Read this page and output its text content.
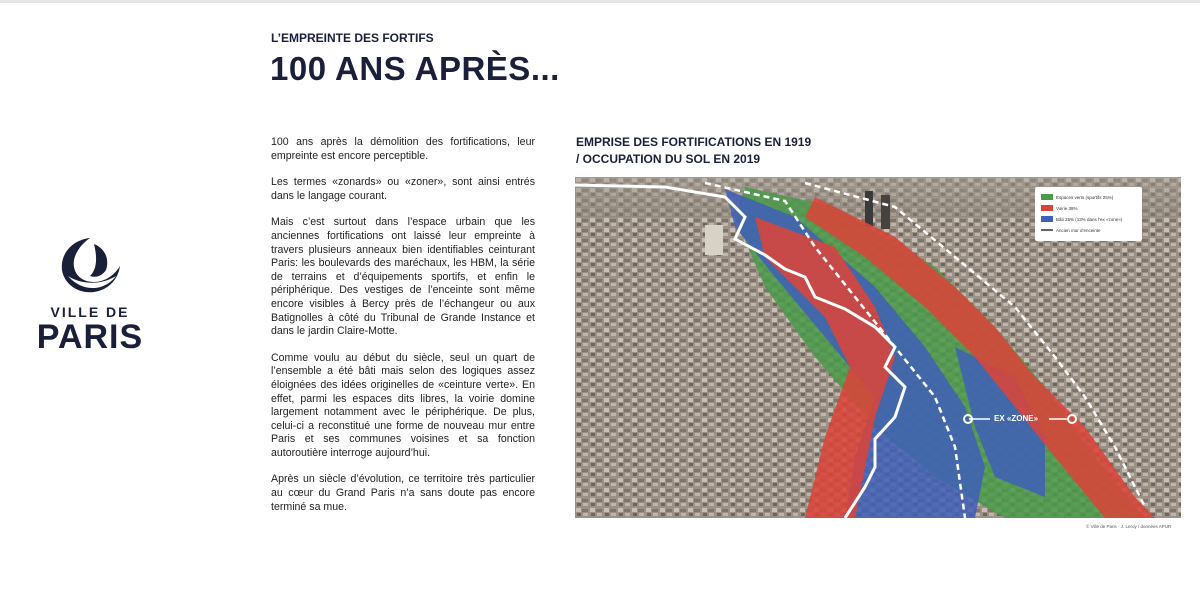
VILLE DE
PARIS
L’EMPREINTE DES FORTIFS
100 ANS APRÈS...

100 ans après la démolition des fortifications, leur empreinte est encore perceptible.

Les termes «zonards» ou «zoner», sont ainsi entrés dans le langage courant.

Mais c’est surtout dans l’espace urbain que les anciennes fortifications ont laissé leur empreinte à travers plusieurs anneaux bien identifiables ceinturant Paris: les boulevards des maréchaux, les HBM, la série de terrains et d’équipements sportifs, et enfin le périphérique. Des vestiges de l’enceinte sont même encore visibles à Bercy près de l’échangeur ou aux Batignolles à côté du Tribunal de Grande Instance et dans le jardin Claire-Motte.

Comme voulu au début du siècle, seul un quart de l’ensemble a été bâti mais selon des logiques assez éloignées des idées originelles de «ceinture verte». En effet, parmi les espaces dits libres, la voirie domine largement notamment avec le périphérique. De plus, celui-ci a reconstitué une forme de nouveau mur entre Paris et ses communes voisines et sa fonction autoroutière interroge aujourd’hui.

Après un siècle d’évolution, ce territoire très particulier au cœur du Grand Paris n’a sans doute pas encore terminé sa mue.

EMPRISE DES FORTIFICATIONS EN 1919
/ OCCUPATION DU SOL EN 2019
EX «ZONE»
Espaces verts (sportifs 25%)
Voirie 38%
Bâti 25% (13% dans l’ex «zone»)
Ancien mur d’enceinte
© Ville de Paris - J. Leroy / données APUR
